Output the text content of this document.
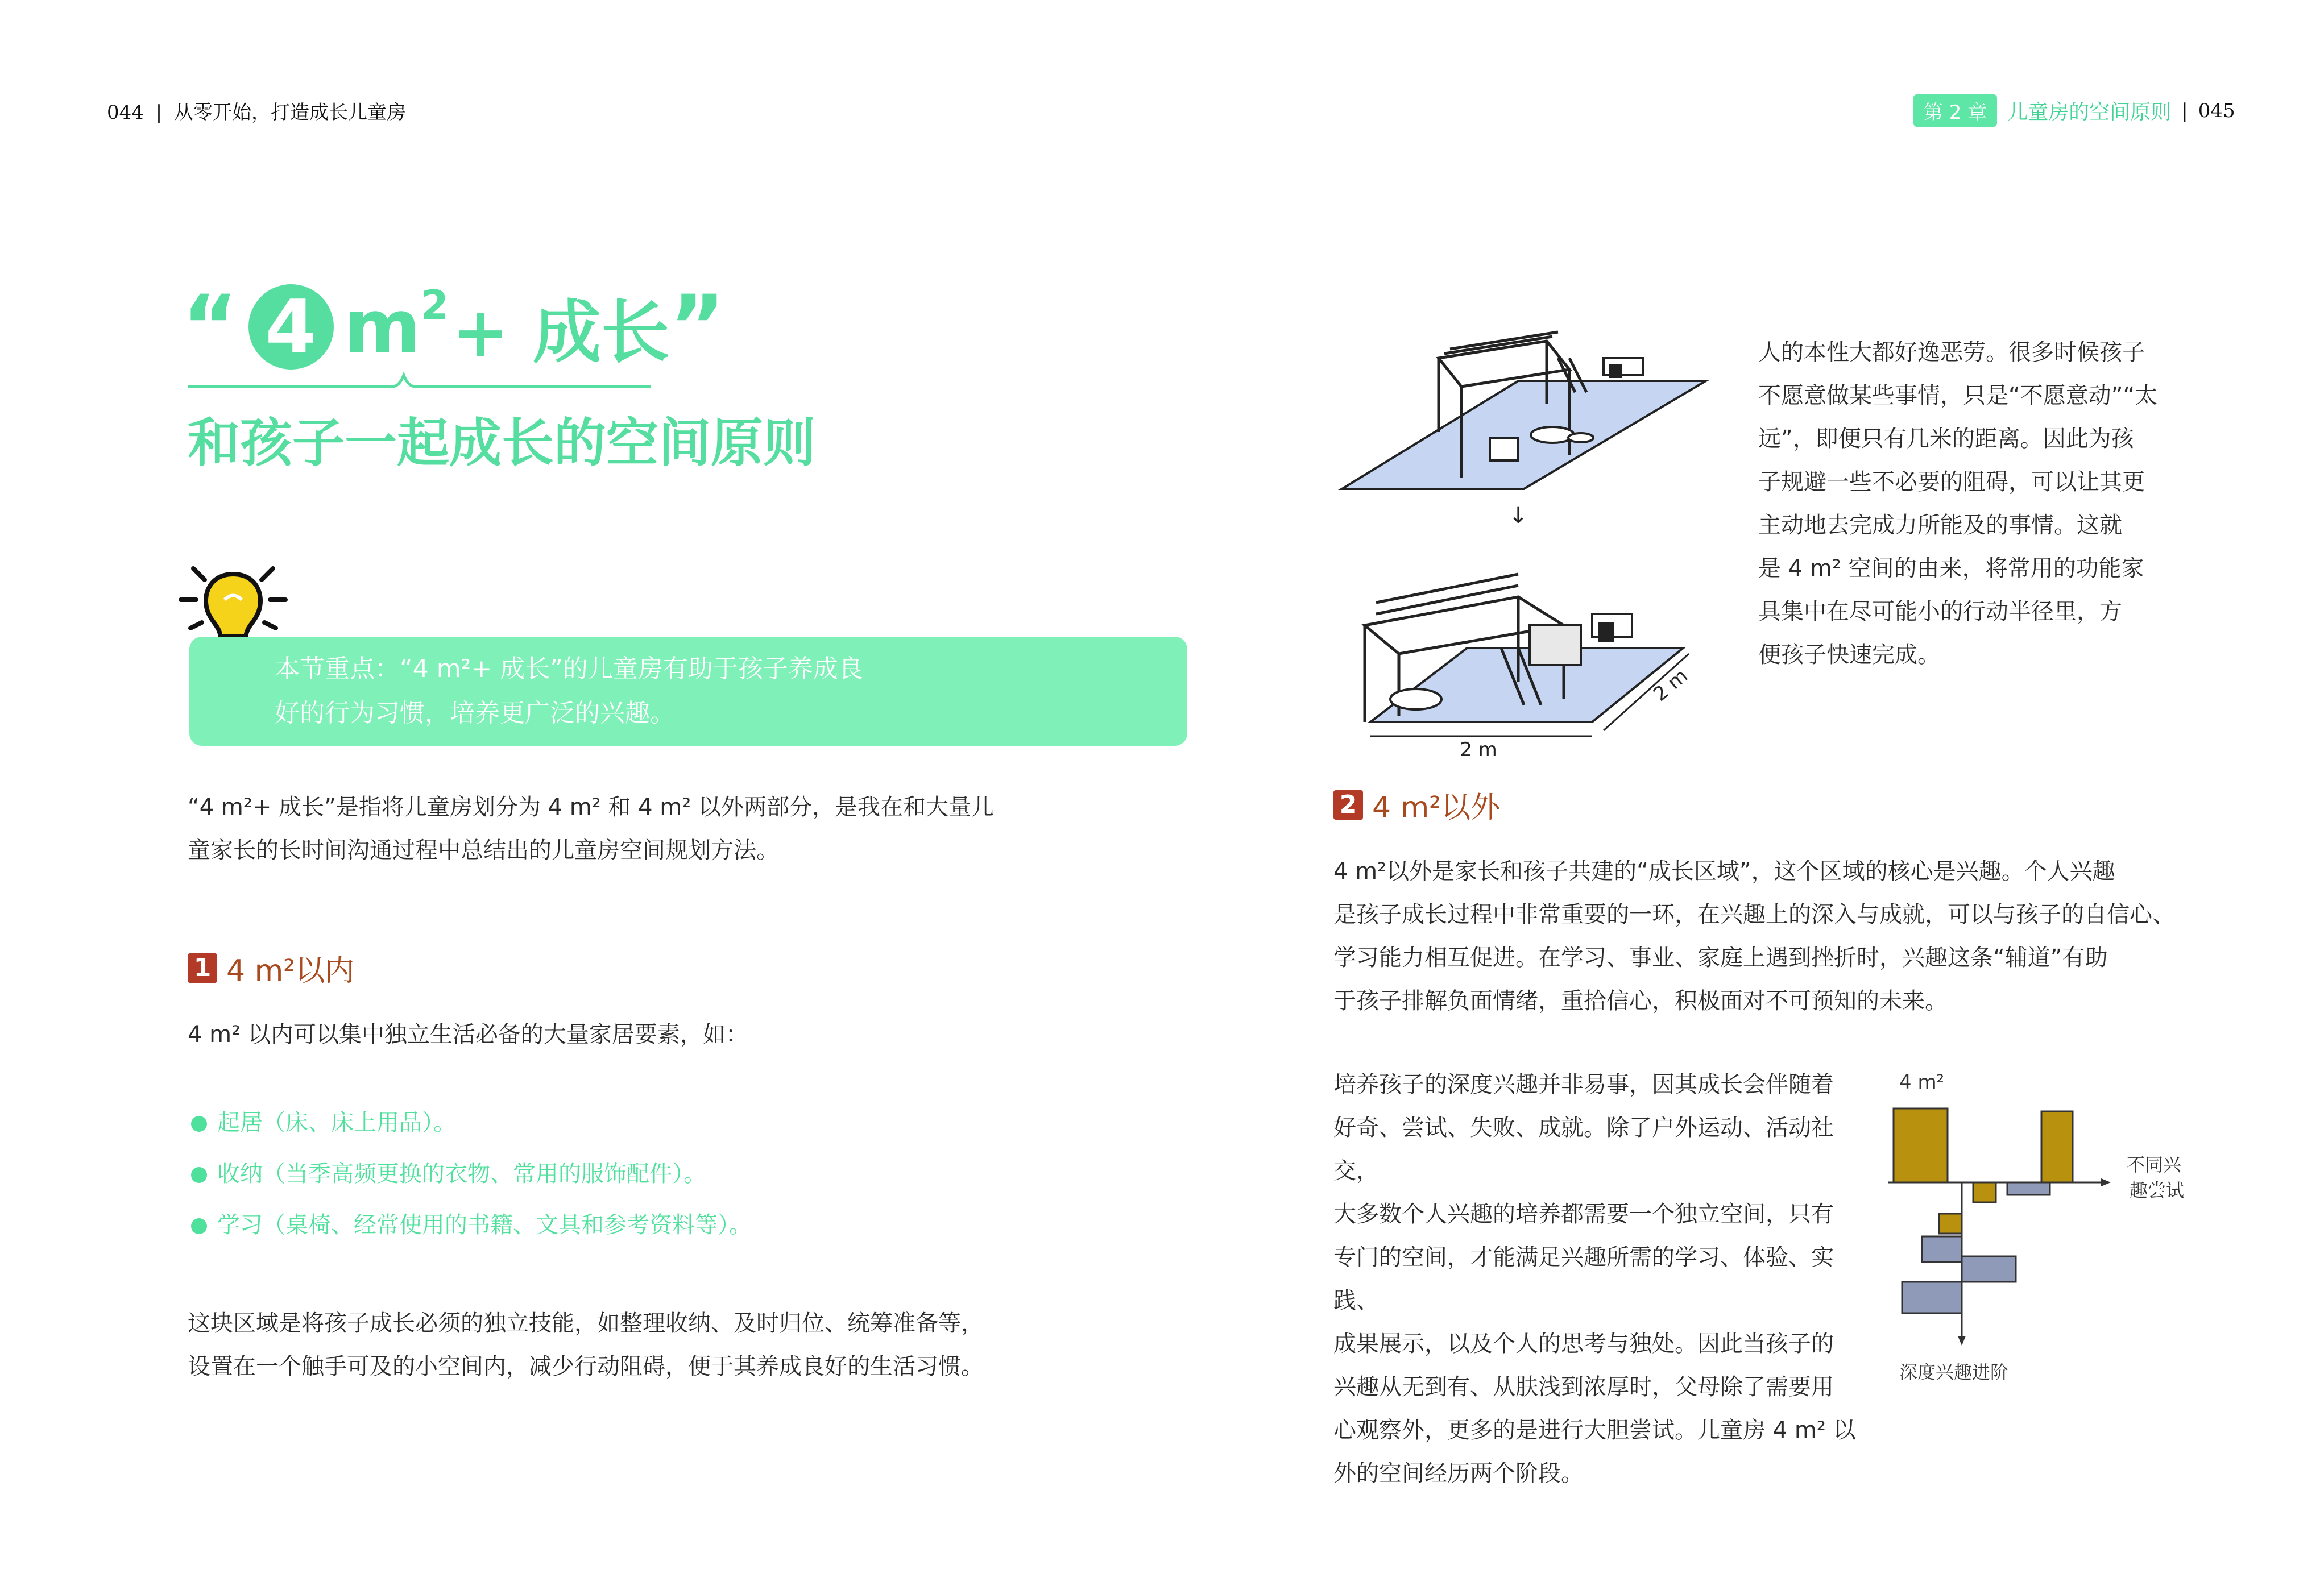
044 | 从零开始，打造成长儿童房	第 2 章	儿童房的空间原则 | 045
“ 4 m 2 + 成长 ”
和孩子一起成长的空间原则
本节重点：“4 m²+ 成长”的儿童房有助于孩子养成良
好的行为习惯，培养更广泛的兴趣。
“4 m²+ 成长”是指将儿童房划分为 4 m² 和 4 m² 以外两部分，是我在和大量儿
童家长的长时间沟通过程中总结出的儿童房空间规划方法。
1 4 m²以内
4 m² 以内可以集中独立生活必备的大量家居要素，如：
起居（床、床上用品）。
收纳（当季高频更换的衣物、常用的服饰配件）。
学习（桌椅、经常使用的书籍、文具和参考资料等）。
这块区域是将孩子成长必须的独立技能，如整理收纳、及时归位、统筹准备等，
设置在一个触手可及的小空间内，减少行动阻碍，便于其养成良好的生活习惯。
↓
2 m
2 m
人的本性大都好逸恶劳。很多时候孩子
不愿意做某些事情，只是“不愿意动”“太
远”，即便只有几米的距离。因此为孩
子规避一些不必要的阻碍，可以让其更
主动地去完成力所能及的事情。这就
是 4 m² 空间的由来，将常用的功能家
具集中在尽可能小的行动半径里，方
便孩子快速完成。
2 4 m²以外
4 m²以外是家长和孩子共建的“成长区域”，这个区域的核心是兴趣。个人兴趣
是孩子成长过程中非常重要的一环，在兴趣上的深入与成就，可以与孩子的自信心、
学习能力相互促进。在学习、事业、家庭上遇到挫折时，兴趣这条“辅道”有助
于孩子排解负面情绪，重拾信心，积极面对不可预知的未来。
培养孩子的深度兴趣并非易事，因其成长会伴随着
好奇、尝试、失败、成就。除了户外运动、活动社交，
大多数个人兴趣的培养都需要一个独立空间，只有
专门的空间，才能满足兴趣所需的学习、体验、实践、
成果展示，以及个人的思考与独处。因此当孩子的
兴趣从无到有、从肤浅到浓厚时，父母除了需要用
心观察外，更多的是进行大胆尝试。儿童房 4 m² 以
外的空间经历两个阶段。
4 m²
不同兴
趣尝试
深度兴趣进阶
